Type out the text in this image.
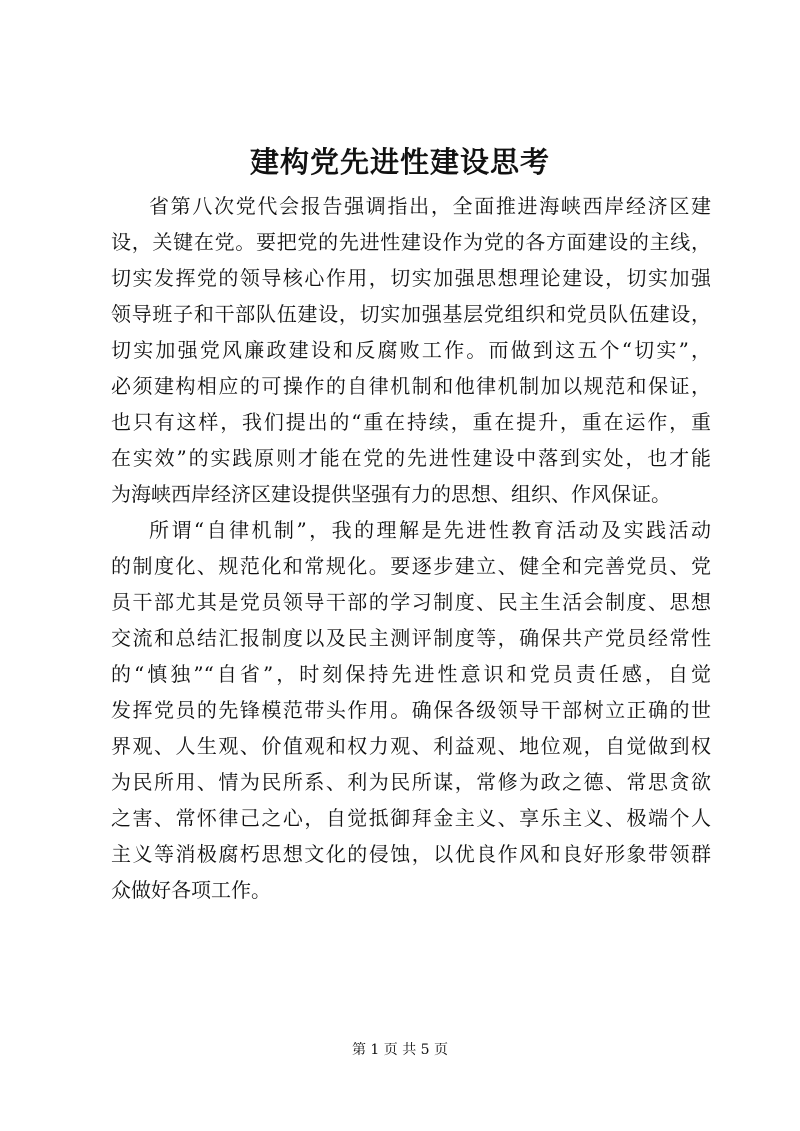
建构党先进性建设思考
省第八次党代会报告强调指出，全面推进海峡西岸经济区建
设，关键在党。要把党的先进性建设作为党的各方面建设的主线，
切实发挥党的领导核心作用，切实加强思想理论建设，切实加强
领导班子和干部队伍建设，切实加强基层党组织和党员队伍建设，
切实加强党风廉政建设和反腐败工作。而做到这五个“切实”，
必须建构相应的可操作的自律机制和他律机制加以规范和保证，
也只有这样，我们提出的“重在持续，重在提升，重在运作，重
在实效”的实践原则才能在党的先进性建设中落到实处，也才能
为海峡西岸经济区建设提供坚强有力的思想、组织、作风保证。
所谓“自律机制”，我的理解是先进性教育活动及实践活动
的制度化、规范化和常规化。要逐步建立、健全和完善党员、党
员干部尤其是党员领导干部的学习制度、民主生活会制度、思想
交流和总结汇报制度以及民主测评制度等，确保共产党员经常性
的“慎独”“自省”，时刻保持先进性意识和党员责任感，自觉
发挥党员的先锋模范带头作用。确保各级领导干部树立正确的世
界观、人生观、价值观和权力观、利益观、地位观，自觉做到权
为民所用、情为民所系、利为民所谋，常修为政之德、常思贪欲
之害、常怀律己之心，自觉抵御拜金主义、享乐主义、极端个人
主义等消极腐朽思想文化的侵蚀，以优良作风和良好形象带领群
众做好各项工作。
第 1 页 共 5 页
